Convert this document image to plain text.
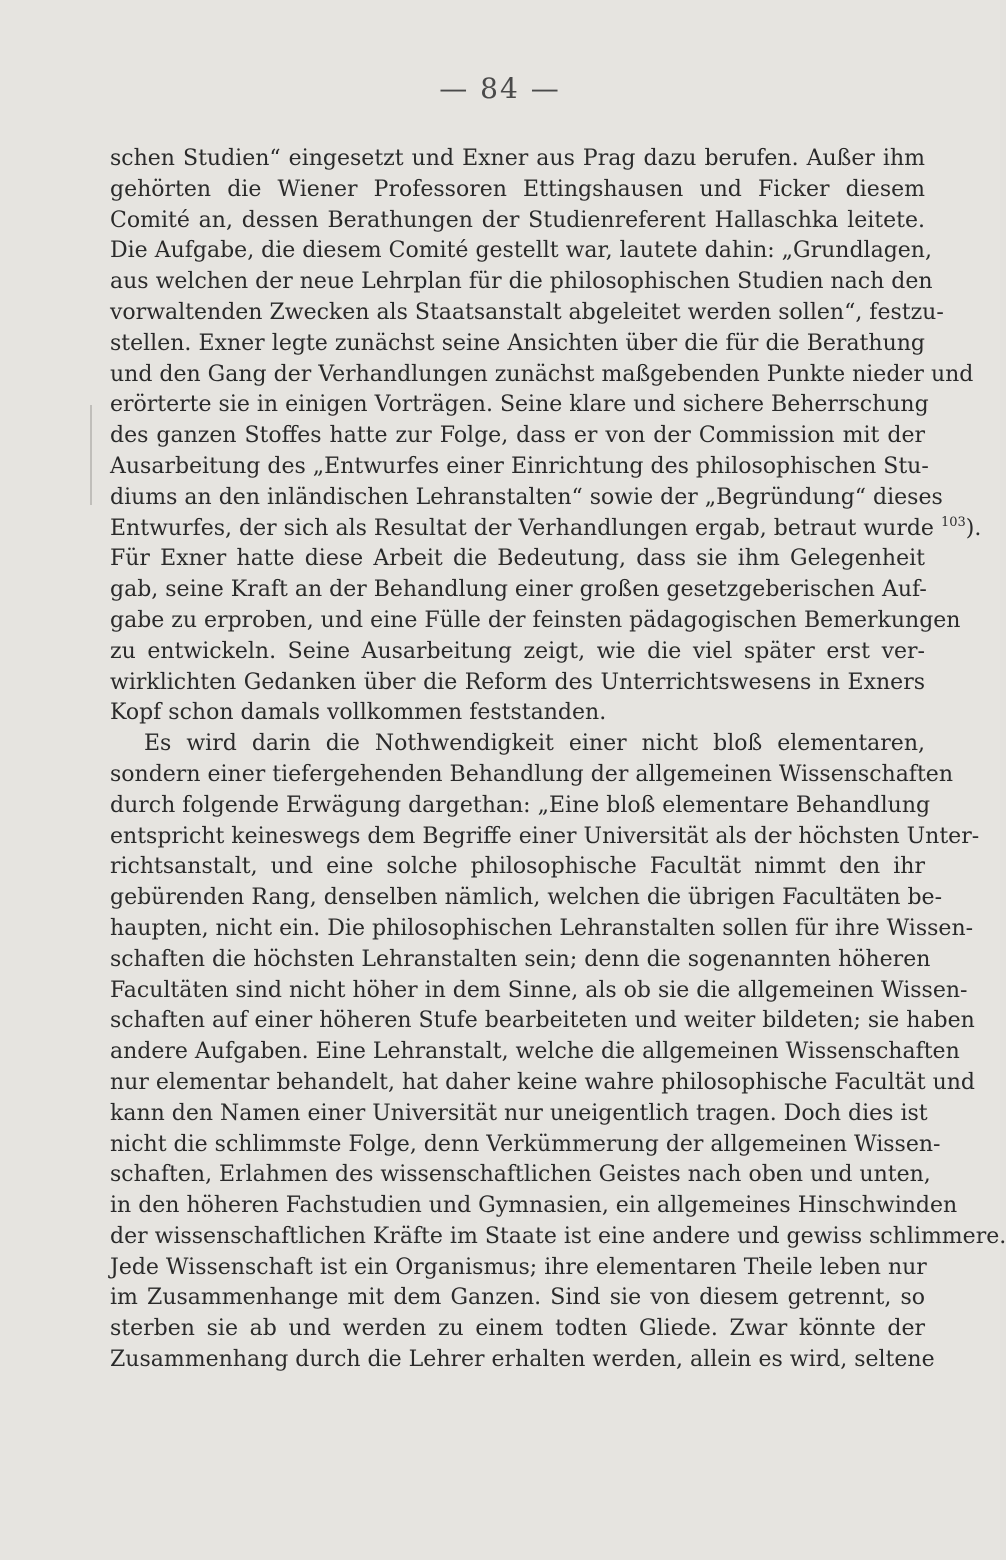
— 84 —
schen Studien“ eingesetzt und Exner aus Prag dazu berufen. Außer ihm
gehörten die Wiener Professoren Ettingshausen und Ficker diesem
Comité an, dessen Berathungen der Studienreferent Hallaschka leitete.
Die Aufgabe, die diesem Comité gestellt war, lautete dahin: „Grundlagen,
aus welchen der neue Lehrplan für die philosophischen Studien nach den
vorwaltenden Zwecken als Staatsanstalt abgeleitet werden sollen“, festzu-
stellen. Exner legte zunächst seine Ansichten über die für die Berathung
und den Gang der Verhandlungen zunächst maßgebenden Punkte nieder und
erörterte sie in einigen Vorträgen. Seine klare und sichere Beherrschung
des ganzen Stoffes hatte zur Folge, dass er von der Commission mit der
Ausarbeitung des „Entwurfes einer Einrichtung des philosophischen Stu-
diums an den inländischen Lehranstalten“ sowie der „Begründung“ dieses
Entwurfes, der sich als Resultat der Verhandlungen ergab, betraut wurde $^{103}$).
Für Exner hatte diese Arbeit die Bedeutung, dass sie ihm Gelegenheit
gab, seine Kraft an der Behandlung einer großen gesetzgeberischen Auf-
gabe zu erproben, und eine Fülle der feinsten pädagogischen Bemerkungen
zu entwickeln. Seine Ausarbeitung zeigt, wie die viel später erst ver-
wirklichten Gedanken über die Reform des Unterrichtswesens in Exners
Kopf schon damals vollkommen feststanden.
Es wird darin die Nothwendigkeit einer nicht bloß elementaren,
sondern einer tiefergehenden Behandlung der allgemeinen Wissenschaften
durch folgende Erwägung dargethan: „Eine bloß elementare Behandlung
entspricht keineswegs dem Begriffe einer Universität als der höchsten Unter-
richtsanstalt, und eine solche philosophische Facultät nimmt den ihr
gebürenden Rang, denselben nämlich, welchen die übrigen Facultäten be-
haupten, nicht ein. Die philosophischen Lehranstalten sollen für ihre Wissen-
schaften die höchsten Lehranstalten sein; denn die sogenannten höheren
Facultäten sind nicht höher in dem Sinne, als ob sie die allgemeinen Wissen-
schaften auf einer höheren Stufe bearbeiteten und weiter bildeten; sie haben
andere Aufgaben. Eine Lehranstalt, welche die allgemeinen Wissenschaften
nur elementar behandelt, hat daher keine wahre philosophische Facultät und
kann den Namen einer Universität nur uneigentlich tragen. Doch dies ist
nicht die schlimmste Folge, denn Verkümmerung der allgemeinen Wissen-
schaften, Erlahmen des wissenschaftlichen Geistes nach oben und unten,
in den höheren Fachstudien und Gymnasien, ein allgemeines Hinschwinden
der wissenschaftlichen Kräfte im Staate ist eine andere und gewiss schlimmere.
Jede Wissenschaft ist ein Organismus; ihre elementaren Theile leben nur
im Zusammenhange mit dem Ganzen. Sind sie von diesem getrennt, so
sterben sie ab und werden zu einem todten Gliede. Zwar könnte der
Zusammenhang durch die Lehrer erhalten werden, allein es wird, seltene
